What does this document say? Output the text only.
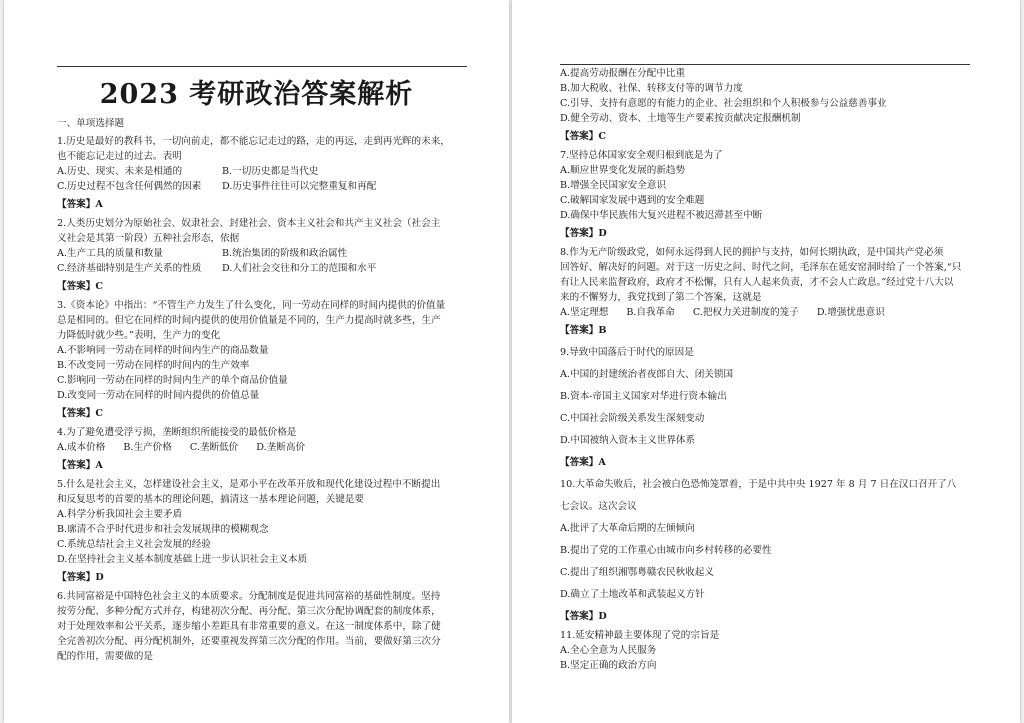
2023 考研政治答案解析

一、单项选择题

1.历史是最好的教科书，一切向前走，都不能忘记走过的路，走的再远，走到再光辉的未来，

也不能忘记走过的过去。表明

A.历史、现实、未来是相通的	B.一切历史都是当代史

C.历史过程不包含任何偶然的因素 D.历史事件往往可以完整重复和再配

【答案】A

2.人类历史划分为原始社会、奴隶社会、封建社会、资本主义社会和共产主义社会（社会主

义社会是其第一阶段）五种社会形态，依据

A.生产工具的质量和数量	B.统治集团的阶级和政治属性

C.经济基础特别是生产关系的性质 D.人们社会交往和分工的范围和水平

【答案】C

3.《资本论》中指出：“不管生产力发生了什么变化，同一劳动在同样的时间内提供的价值量

总是相同的。但它在同样的时间内提供的使用价值量是不同的，生产力提高时就多些，生产

力降低时就少些。”表明，生产力的变化

A.不影响同一劳动在同样的时间内生产的商品数量

B.不改变同一劳动在同样的时间内的生产效率

C.影响同一劳动在同样的时间内生产的单个商品价值量

D.改变同一劳动在同样的时间内提供的价值总量

【答案】C

4.为了避免遭受浮亏损，垄断组织所能接受的最低价格是

A.成本价格 B.生产价格 C.垄断低价 D.垄断高价

【答案】A

5.什么是社会主义，怎样建设社会主义，是邓小平在改革开放和现代化建设过程中不断提出

和反复思考的首要的基本的理论问题，搞清这一基本理论问题，关键是要

A.科学分析我国社会主要矛盾

B.廓清不合乎时代进步和社会发展规律的模糊观念

C.系统总结社会主义社会发展的经验

D.在坚持社会主义基本制度基础上进一步认识社会主义本质

【答案】D

6.共同富裕是中国特色社会主义的本质要求。分配制度是促进共同富裕的基础性制度。坚持

按劳分配、多种分配方式并存，构建初次分配、再分配、第三次分配协调配套的制度体系，

对于处理效率和公平关系，逐步缩小差距具有非常重要的意义。在这一制度体系中，除了健

全完善初次分配、再分配机制外，还要重视发挥第三次分配的作用。当前，要做好第三次分

配的作用，需要做的是

A.提高劳动报酬在分配中比重

B.加大税收、社保、转移支付等的调节力度

C.引导、支持有意愿的有能力的企业、社会组织和个人积极参与公益慈善事业

D.健全劳动、资本、土地等生产要素按贡献决定报酬机制

【答案】C

7.坚持总体国家安全观归根到底是为了

A.顺应世界变化发展的新趋势

B.增强全民国家安全意识

C.破解国家发展中遇到的安全难题

D.确保中华民族伟大复兴进程不被迟滞甚至中断

【答案】D

8.作为无产阶级政党，如何永远得到人民的拥护与支持，如何长期执政，是中国共产党必须

回答好、解决好的问题。对于这一历史之问、时代之问，毛泽东在延安窑洞时给了一个答案,“只

有让人民来监督政府，政府才不松懈，只有人人起来负责，才不会人亡政息。”经过党十八大以

来的不懈努力，我党找到了第二个答案，这就是

A.坚定理想 B.自我革命 C.把权力关进制度的笼子 D.增强忧患意识

【答案】B

9.导致中国落后于时代的原因是

A.中国的封建统治者夜郎自大、闭关锁国

B.资本-帝国主义国家对华进行资本输出

C.中国社会阶级关系发生深刻变动

D.中国被纳入资本主义世界体系

【答案】A

10.大革命失败后，社会被白色恐怖笼罩着，于是中共中央 1927 年 8 月 7 日在汉口召开了八

七会议。这次会议

A.批评了大革命后期的左倾倾向

B.提出了党的工作重心由城市向乡村转移的必要性

C.提出了组织湘鄂粤赣农民秋收起义

D.确立了土地改革和武装起义方针

【答案】D

11.延安精神最主要体现了党的宗旨是

A.全心全意为人民服务

B.坚定正确的政治方向
